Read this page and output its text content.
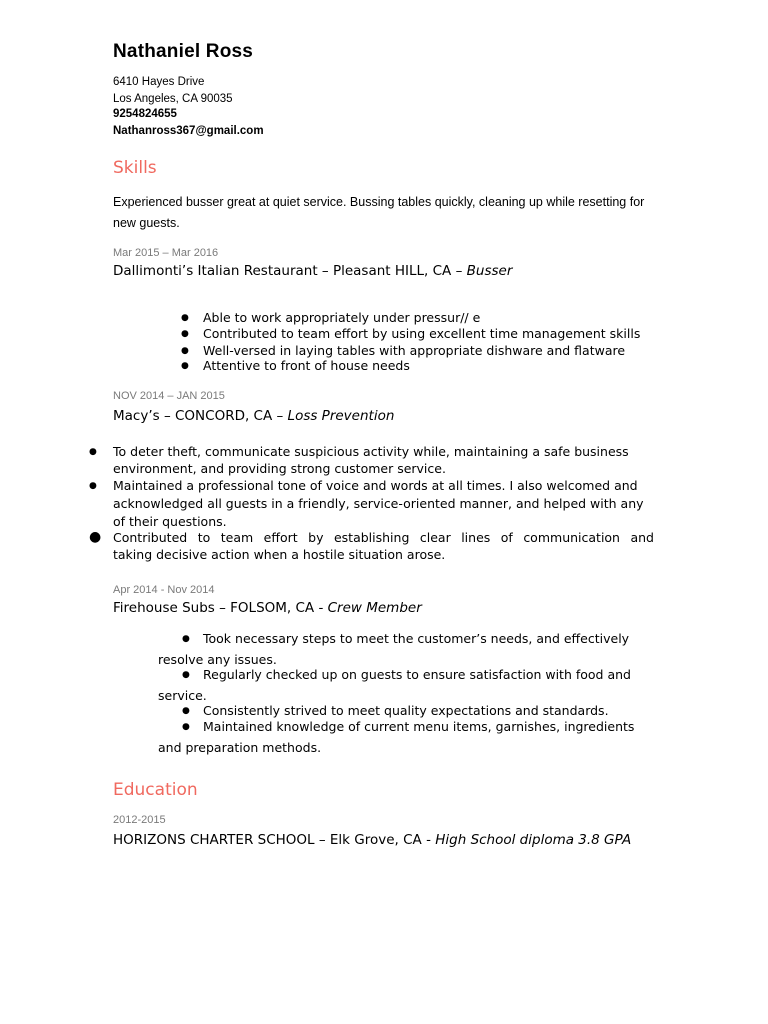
Nathaniel Ross
6410 Hayes Drive
Los Angeles, CA 90035
9254824655
Nathanross367@gmail.com
Skills
Experienced busser great at quiet service. Bussing tables quickly, cleaning up while resetting for new guests.
Mar 2015 – Mar 2016
Dallimonti’s Italian Restaurant – Pleasant HILL, CA – Busser
● Able to work appropriately under pressur// e
● Contributed to team effort by using excellent time management skills
● Well-versed in laying tables with appropriate dishware and flatware
● Attentive to front of house needs
NOV 2014 – JAN 2015
Macy’s – CONCORD, CA – Loss Prevention
● To deter theft, communicate suspicious activity while, maintaining a safe business
environment, and providing strong customer service.
● Maintained a professional tone of voice and words at all times. I also welcomed and
acknowledged all guests in a friendly, service-oriented manner, and helped with any
of their questions.
● Contributed to team effort by establishing clear lines of communication and
taking decisive action when a hostile situation arose.
Apr 2014 - Nov 2014
Firehouse Subs – FOLSOM, CA - Crew Member
● Took necessary steps to meet the customer’s needs, and effectively
resolve any issues.
● Regularly checked up on guests to ensure satisfaction with food and
service.
● Consistently strived to meet quality expectations and standards.
● Maintained knowledge of current menu items, garnishes, ingredients
and preparation methods.
Education
2012-2015
HORIZONS CHARTER SCHOOL – Elk Grove, CA - High School diploma 3.8 GPA
